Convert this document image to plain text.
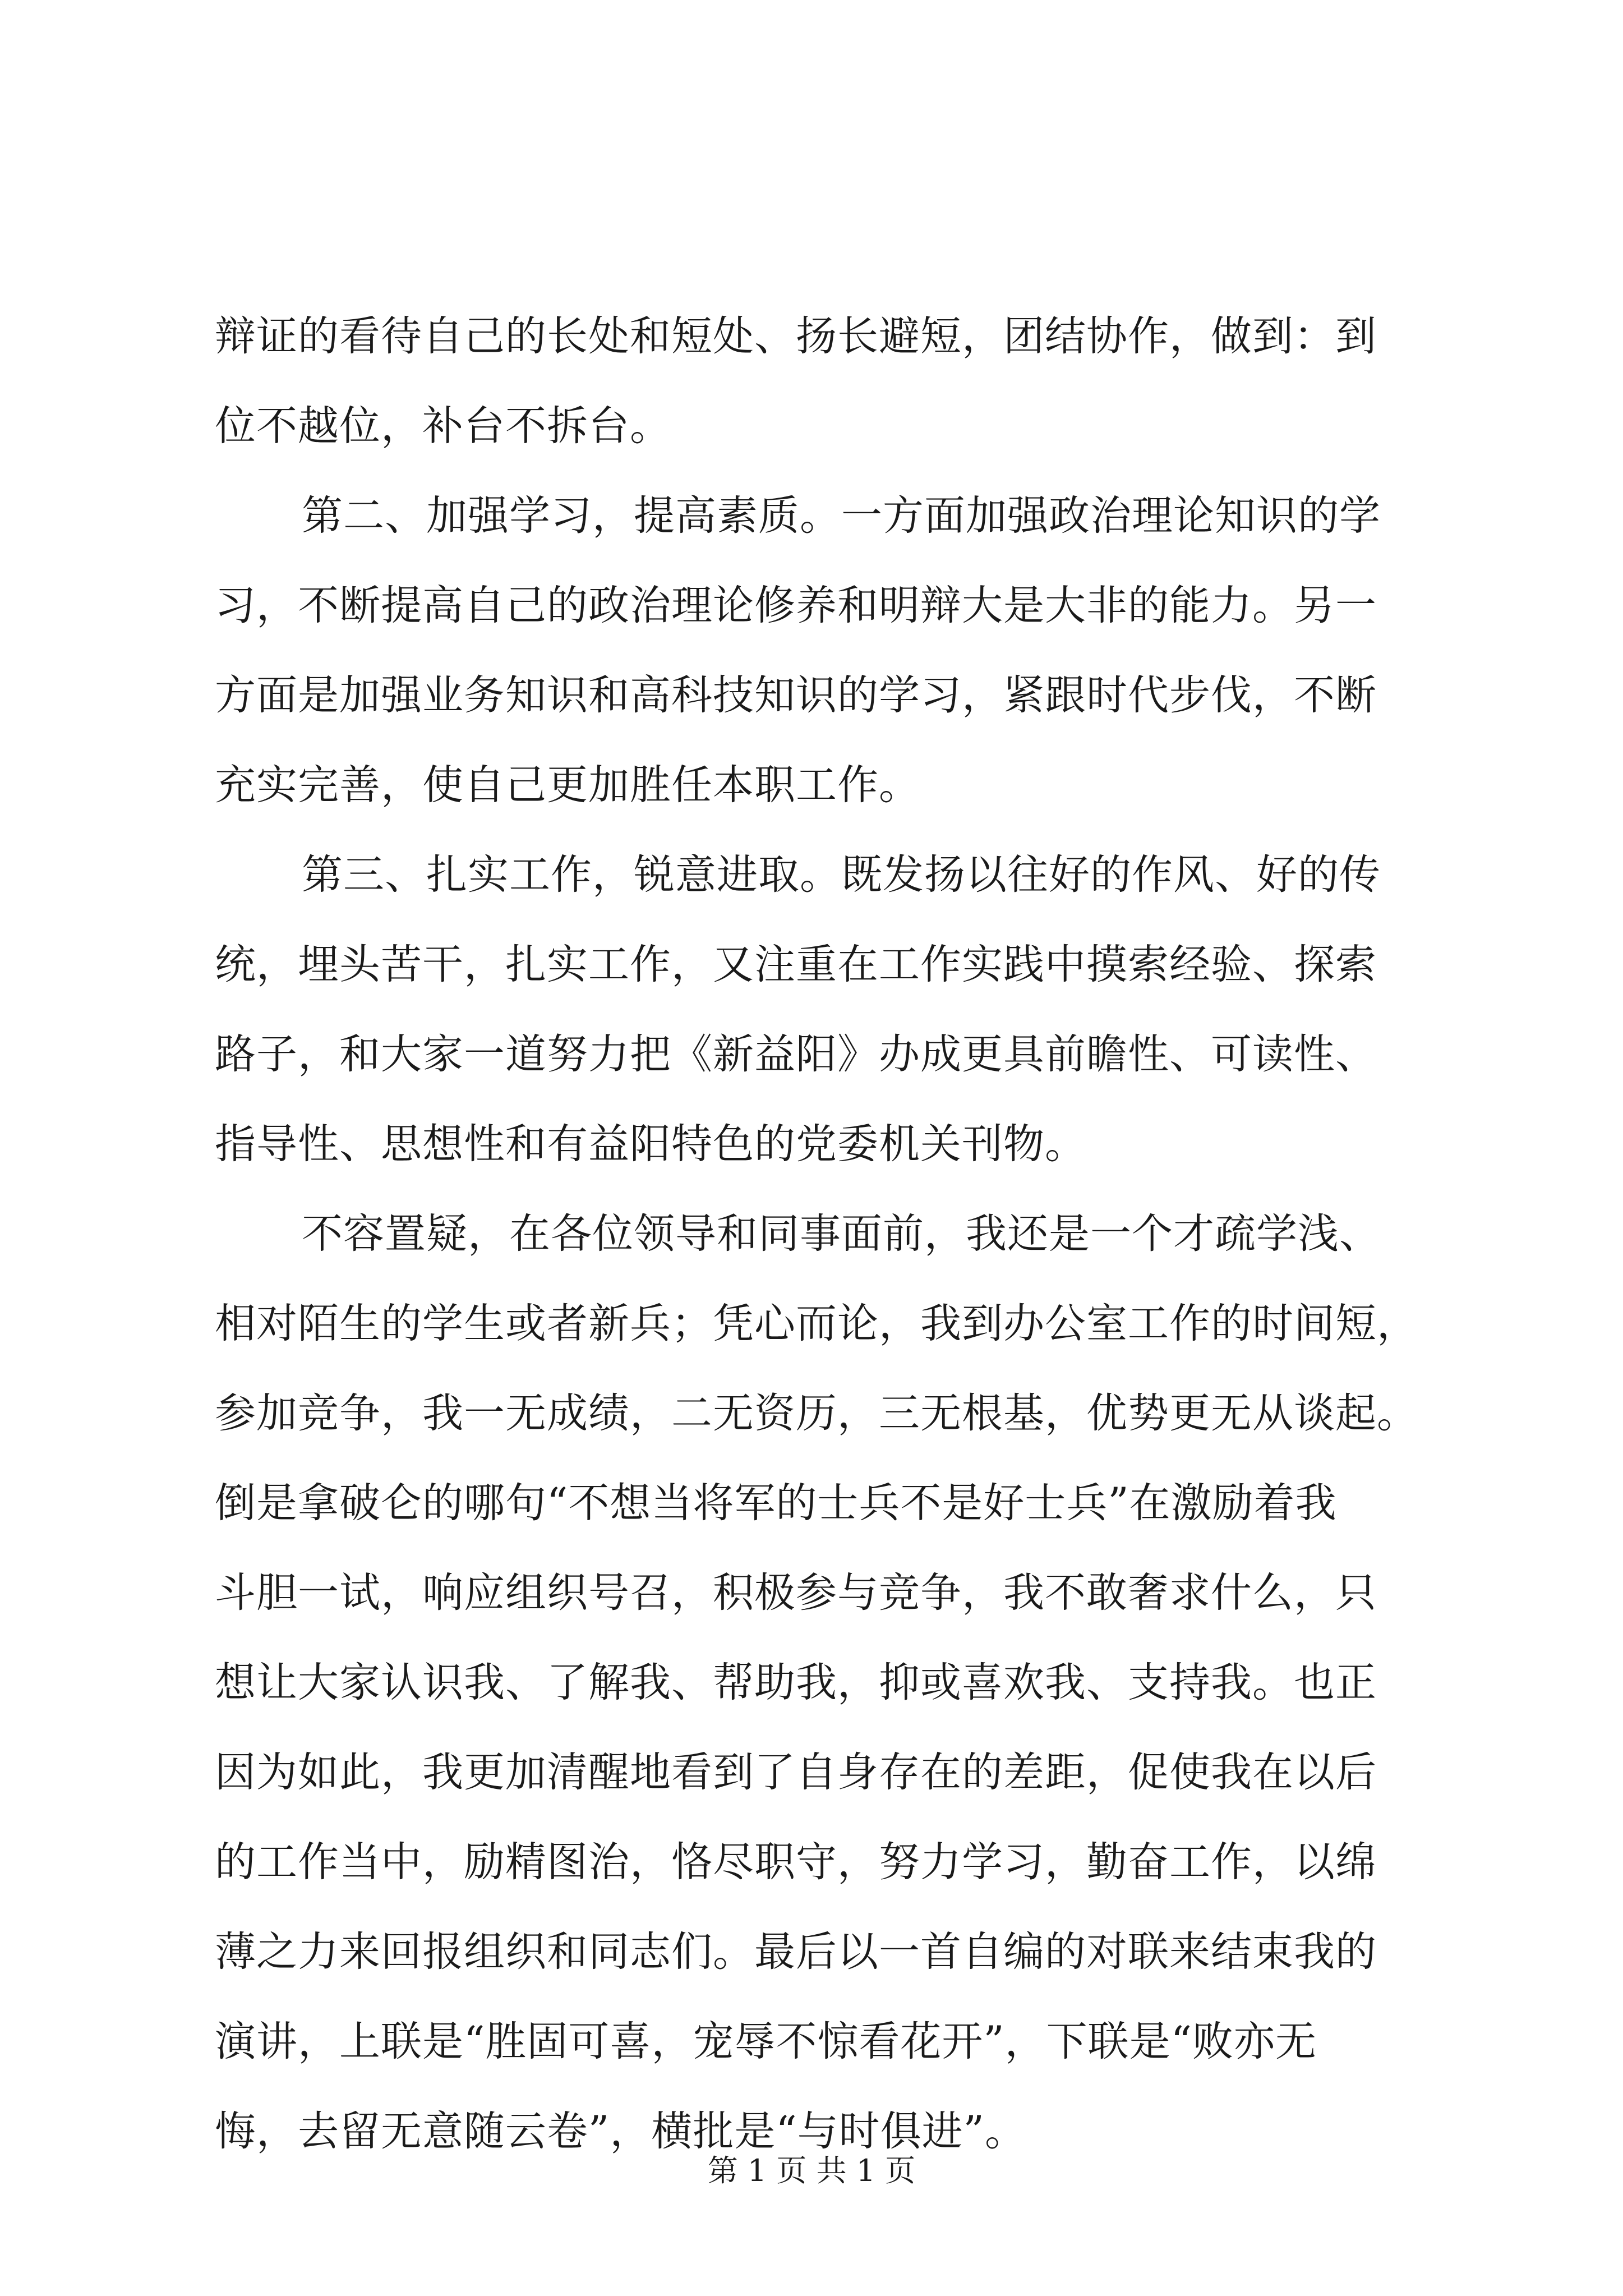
辩证的看待自己的长处和短处、扬长避短，团结协作，做到：到
位不越位，补台不拆台。
第二、加强学习，提高素质。一方面加强政治理论知识的学
习，不断提高自己的政治理论修养和明辩大是大非的能力。另一
方面是加强业务知识和高科技知识的学习，紧跟时代步伐，不断
充实完善，使自己更加胜任本职工作。
第三、扎实工作，锐意进取。既发扬以往好的作风、好的传
统，埋头苦干，扎实工作，又注重在工作实践中摸索经验、探索
路子，和大家一道努力把《新益阳》办成更具前瞻性、可读性、
指导性、思想性和有益阳特色的党委机关刊物。
不容置疑，在各位领导和同事面前，我还是一个才疏学浅、
相对陌生的学生或者新兵；凭心而论，我到办公室工作的时间短，
参加竞争，我一无成绩，二无资历，三无根基，优势更无从谈起。
倒是拿破仑的哪句“不想当将军的士兵不是好士兵”在激励着我
斗胆一试，响应组织号召，积极参与竞争，我不敢奢求什么，只
想让大家认识我、了解我、帮助我，抑或喜欢我、支持我。也正
因为如此，我更加清醒地看到了自身存在的差距，促使我在以后
的工作当中，励精图治，恪尽职守，努力学习，勤奋工作，以绵
薄之力来回报组织和同志们。最后以一首自编的对联来结束我的
演讲，上联是“胜固可喜，宠辱不惊看花开”，下联是“败亦无
悔，去留无意随云卷”，横批是“与时俱进”。
第 1 页 共 1 页
